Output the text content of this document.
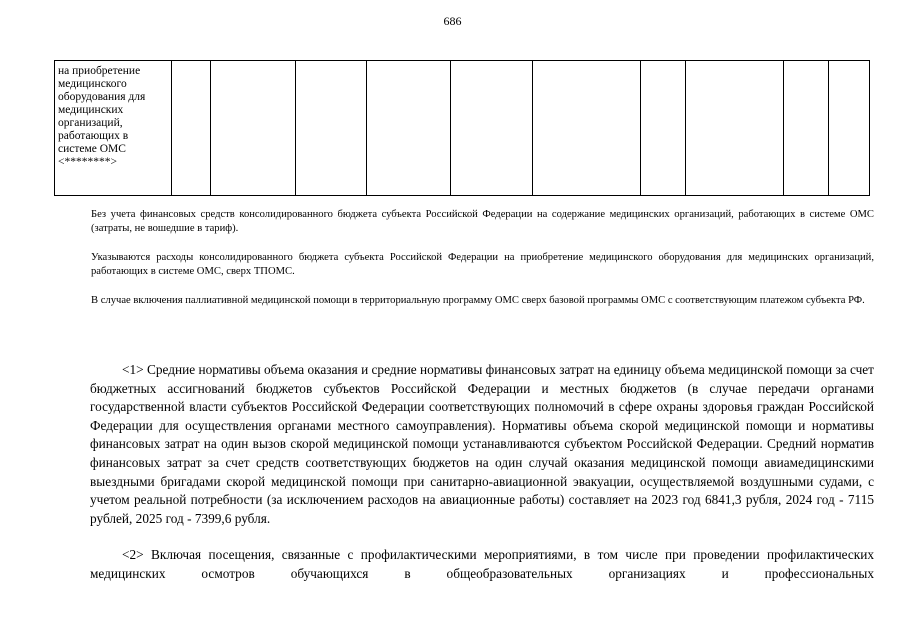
686
на приобретение медицинского оборудования для медицинских организаций, работающих в системе ОМС <********>										

Без учета финансовых средств консолидированного бюджета субъекта Российской Федерации на содержание медицинских организаций, работающих в системе ОМС (затраты, не вошедшие в тариф).

Указываются расходы консолидированного бюджета субъекта Российской Федерации на приобретение медицинского оборудования для медицинских организаций, работающих в системе ОМС, сверх ТПОМС.

В случае включения паллиативной медицинской помощи в территориальную программу ОМС сверх базовой программы ОМС с соответствующим платежом субъекта РФ.

<1> Средние нормативы объема оказания и средние нормативы финансовых затрат на единицу объема медицинской помощи за счет бюджетных ассигнований бюджетов субъектов Российской Федерации и местных бюджетов (в случае передачи органами государственной власти субъектов Российской Федерации соответствующих полномочий в сфере охраны здоровья граждан Российской Федерации для осуществления органами местного самоуправления). Нормативы объема скорой медицинской помощи и нормативы финансовых затрат на один вызов скорой медицинской помощи устанавливаются субъектом Российской Федерации. Средний норматив финансовых затрат за счет средств соответствующих бюджетов на один случай оказания медицинской помощи авиамедицинскими выездными бригадами скорой медицинской помощи при санитарно-авиационной эвакуации, осуществляемой воздушными судами, с учетом реальной потребности (за исключением расходов на авиационные работы) составляет на 2023 год 6841,3 рубля, 2024 год - 7115 рублей, 2025 год - 7399,6 рубля.

<2> Включая посещения, связанные с профилактическими мероприятиями, в том числе при проведении профилактических медицинских осмотров обучающихся в общеобразовательных организациях и профессиональных
